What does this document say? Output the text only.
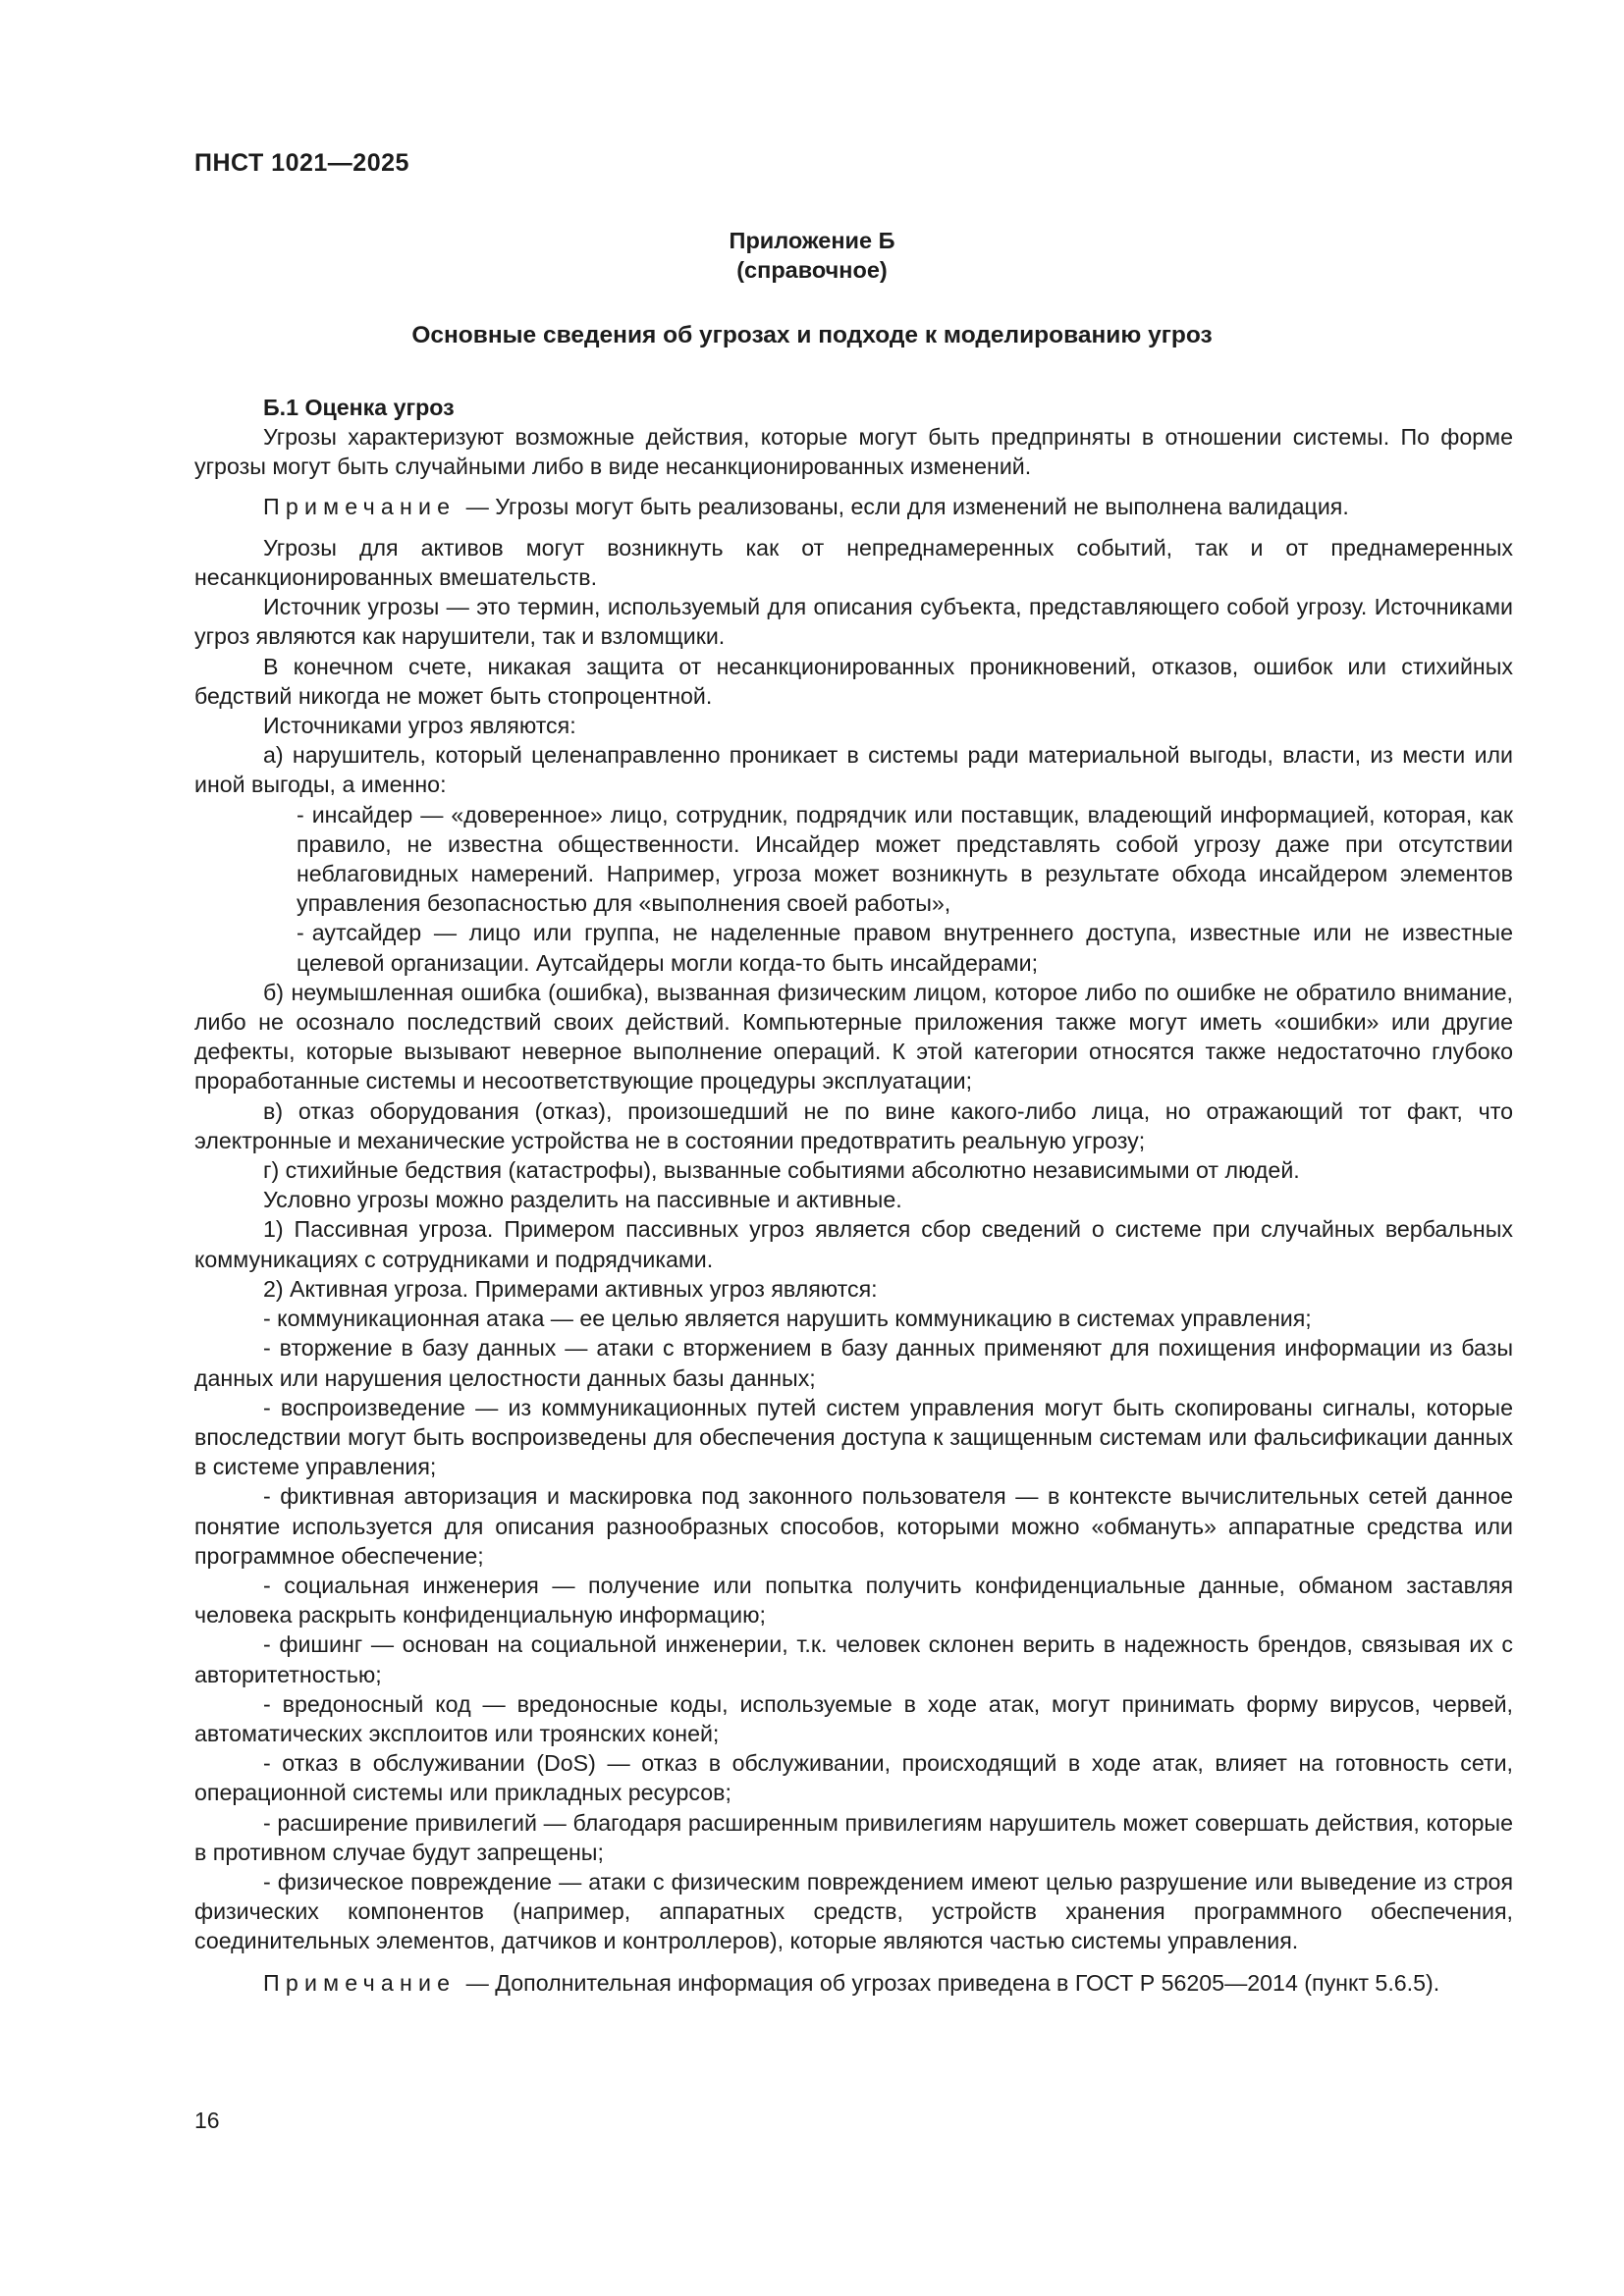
ПНСТ 1021—2025
Приложение Б
(справочное)
Основные сведения об угрозах и подходе к моделированию угроз

Б.1 Оценка угроз

Угрозы характеризуют возможные действия, которые могут быть предприняты в отношении системы. По форме угрозы могут быть случайными либо в виде несанкционированных изменений.

Примечание — Угрозы могут быть реализованы, если для изменений не выполнена валидация.

Угрозы для активов могут возникнуть как от непреднамеренных событий, так и от преднамеренных несанкционированных вмешательств.

Источник угрозы — это термин, используемый для описания субъекта, представляющего собой угрозу. Источниками угроз являются как нарушители, так и взломщики.

В конечном счете, никакая защита от несанкционированных проникновений, отказов, ошибок или стихийных бедствий никогда не может быть стопроцентной.

Источниками угроз являются:

а) нарушитель, который целенаправленно проникает в системы ради материальной выгоды, власти, из мести или иной выгоды, а именно:

- инсайдер — «доверенное» лицо, сотрудник, подрядчик или поставщик, владеющий информацией, которая, как правило, не известна общественности. Инсайдер может представлять собой угрозу даже при отсутствии неблаговидных намерений. Например, угроза может возникнуть в результате обхода инсайдером элементов управления безопасностью для «выполнения своей работы»,

- аутсайдер — лицо или группа, не наделенные правом внутреннего доступа, известные или не известные целевой организации. Аутсайдеры могли когда-то быть инсайдерами;

б) неумышленная ошибка (ошибка), вызванная физическим лицом, которое либо по ошибке не обратило внимание, либо не осознало последствий своих действий. Компьютерные приложения также могут иметь «ошибки» или другие дефекты, которые вызывают неверное выполнение операций. К этой категории относятся также недостаточно глубоко проработанные системы и несоответствующие процедуры эксплуатации;

в) отказ оборудования (отказ), произошедший не по вине какого-либо лица, но отражающий тот факт, что электронные и механические устройства не в состоянии предотвратить реальную угрозу;

г) стихийные бедствия (катастрофы), вызванные событиями абсолютно независимыми от людей.

Условно угрозы можно разделить на пассивные и активные.

1) Пассивная угроза. Примером пассивных угроз является сбор сведений о системе при случайных вербальных коммуникациях с сотрудниками и подрядчиками.

2) Активная угроза. Примерами активных угроз являются:

- коммуникационная атака — ее целью является нарушить коммуникацию в системах управления;

- вторжение в базу данных — атаки с вторжением в базу данных применяют для похищения информации из базы данных или нарушения целостности данных базы данных;

- воспроизведение — из коммуникационных путей систем управления могут быть скопированы сигналы, которые впоследствии могут быть воспроизведены для обеспечения доступа к защищенным системам или фальсификации данных в системе управления;

- фиктивная авторизация и маскировка под законного пользователя — в контексте вычислительных сетей данное понятие используется для описания разнообразных способов, которыми можно «обмануть» аппаратные средства или программное обеспечение;

- социальная инженерия — получение или попытка получить конфиденциальные данные, обманом заставляя человека раскрыть конфиденциальную информацию;

- фишинг — основан на социальной инженерии, т.к. человек склонен верить в надежность брендов, связывая их с авторитетностью;

- вредоносный код — вредоносные коды, используемые в ходе атак, могут принимать форму вирусов, червей, автоматических эксплоитов или троянских коней;

- отказ в обслуживании (DoS) — отказ в обслуживании, происходящий в ходе атак, влияет на готовность сети, операционной системы или прикладных ресурсов;

- расширение привилегий — благодаря расширенным привилегиям нарушитель может совершать действия, которые в противном случае будут запрещены;

- физическое повреждение — атаки с физическим повреждением имеют целью разрушение или выведение из строя физических компонентов (например, аппаратных средств, устройств хранения программного обеспечения, соединительных элементов, датчиков и контроллеров), которые являются частью системы управления.

Примечание — Дополнительная информация об угрозах приведена в ГОСТ Р 56205—2014 (пункт 5.6.5).

16
